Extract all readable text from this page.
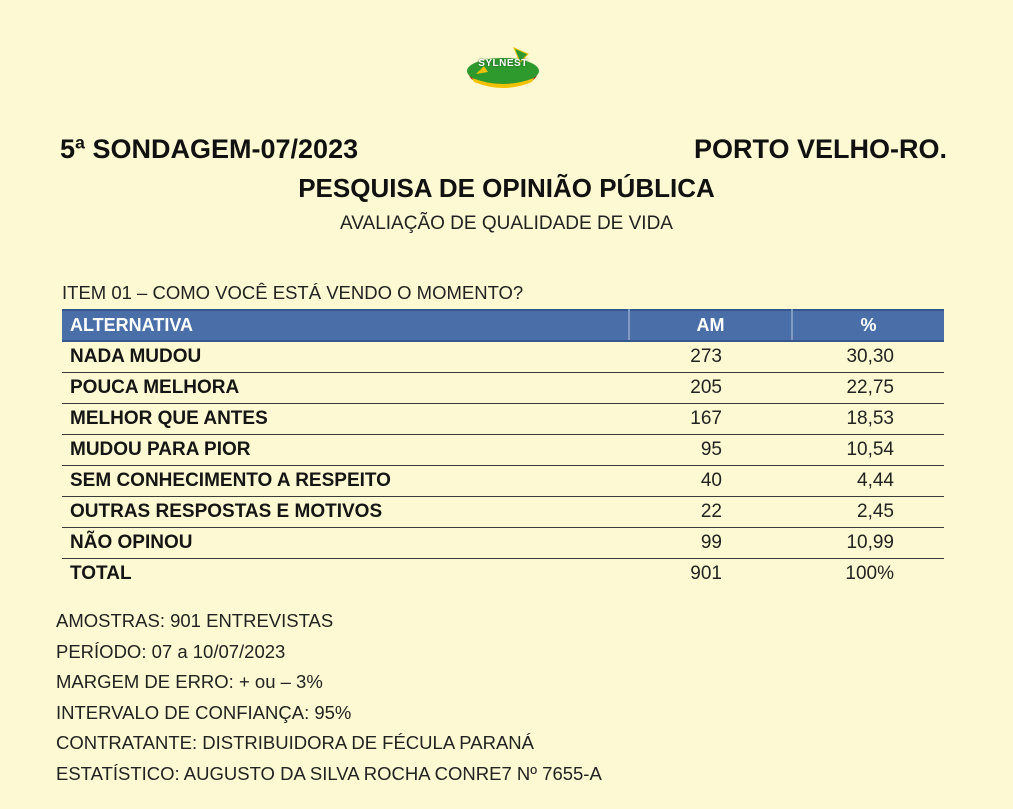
SYLNEST
5ª SONDAGEM-07/2023	PORTO VELHO-RO.
PESQUISA DE OPINIÃO PÚBLICA
AVALIAÇÃO DE QUALIDADE DE VIDA
ITEM 01 – COMO VOCÊ ESTÁ VENDO O MOMENTO?
ALTERNATIVA	AM	%
NADA MUDOU	273	30,30
POUCA MELHORA	205	22,75
MELHOR QUE ANTES	167	18,53
MUDOU PARA PIOR	95	10,54
SEM CONHECIMENTO A RESPEITO	40	4,44
OUTRAS RESPOSTAS E MOTIVOS	22	2,45
NÃO OPINOU	99	10,99
TOTAL	901	100%
AMOSTRAS: 901 ENTREVISTAS
PERÍODO: 07 a 10/07/2023
MARGEM DE ERRO: + ou – 3%
INTERVALO DE CONFIANÇA: 95%
CONTRATANTE: DISTRIBUIDORA DE FÉCULA PARANÁ
ESTATÍSTICO: AUGUSTO DA SILVA ROCHA CONRE7 Nº 7655-A
